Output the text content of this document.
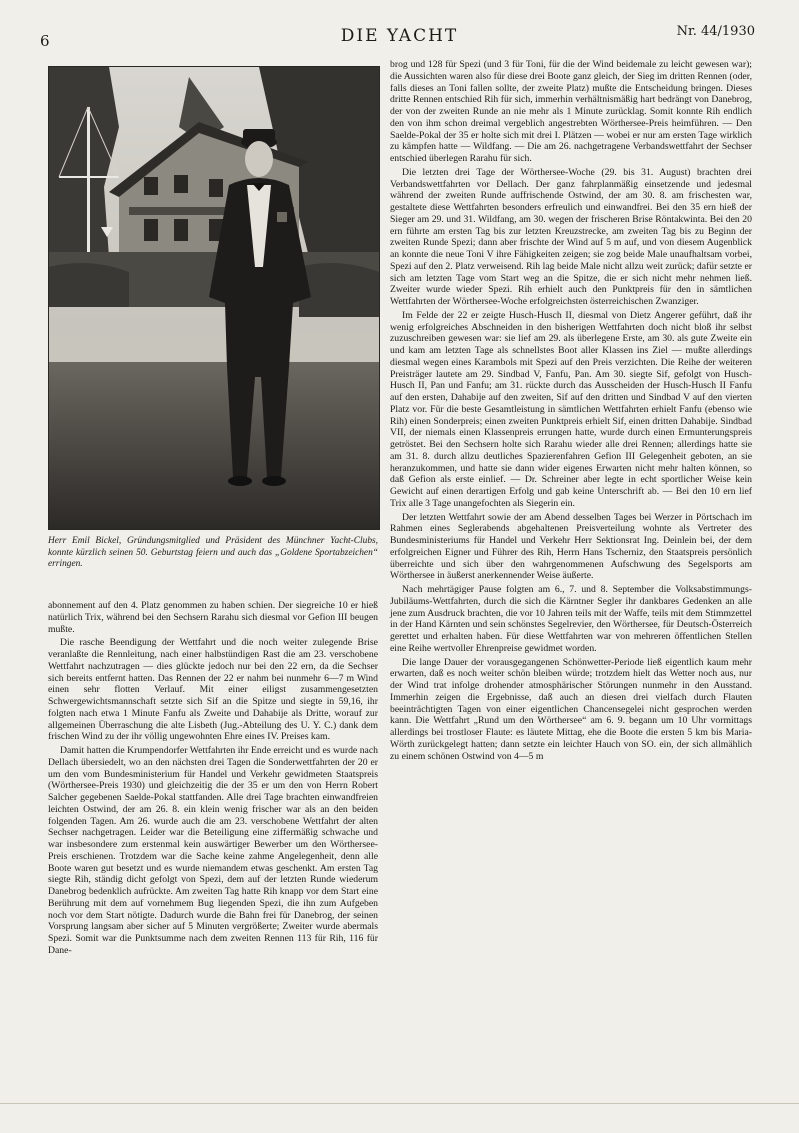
6	DIE YACHT	Nr. 44/1930
Herr Emil Bickel, Gründungsmitglied und Präsident des Münchner Yacht-Clubs, konnte kürzlich seinen 50. Geburtstag feiern und auch das „Goldene Sportabzeichen“ erringen.

abonnement auf den 4. Platz genommen zu haben schien. Der siegreiche 10 er hieß natürlich Trix, während bei den Sechsern Rarahu sich diesmal vor Gefion III beugen mußte.

Die rasche Beendigung der Wettfahrt und die noch weiter zulegende Brise veranlaßte die Rennleitung, nach einer halbstündigen Rast die am 23. verschobene Wettfahrt nachzutragen — dies glückte jedoch nur bei den 22 ern, da die Sechser sich bereits entfernt hatten. Das Rennen der 22 er nahm bei nunmehr 6—7 m Wind einen sehr flotten Verlauf. Mit einer eiligst zusammengesetzten Schwergewichtsmannschaft setzte sich Sif an die Spitze und siegte in 59,16, ihr folgten nach etwa 1 Minute Fanfu als Zweite und Dahabije als Dritte, worauf zur allgemeinen Überraschung die alte Lisbeth (Jug.-Abteilung des U. Y. C.) dank dem frischen Wind zu der ihr völlig ungewohnten Ehre eines IV. Preises kam.

Damit hatten die Krumpendorfer Wettfahrten ihr Ende erreicht und es wurde nach Dellach übersiedelt, wo an den nächsten drei Tagen die Sonderwettfahrten der 20 er um den vom Bundesministerium für Handel und Verkehr gewidmeten Staatspreis (Wörthersee-Preis 1930) und gleichzeitig die der 35 er um den von Herrn Robert Salcher gegebenen Saelde-Pokal stattfanden. Alle drei Tage brachten einwandfreien leichten Ostwind, der am 26. 8. ein klein wenig frischer war als an den beiden folgenden Tagen. Am 26. wurde auch die am 23. verschobene Wettfahrt der alten Sechser nachgetragen. Leider war die Beteiligung eine ziffermäßig schwache und war insbesondere zum erstenmal kein auswärtiger Bewerber um den Wörthersee-Preis erschienen. Trotzdem war die Sache keine zahme Angelegenheit, denn alle Boote waren gut besetzt und es wurde niemandem etwas geschenkt. Am ersten Tag siegte Rih, ständig dicht gefolgt von Spezi, dem auf der letzten Runde wiederum Danebrog bedenklich aufrückte. Am zweiten Tag hatte Rih knapp vor dem Start eine Berührung mit dem auf vornehmem Bug liegenden Spezi, die ihn zum Aufgeben noch vor dem Start nötigte. Dadurch wurde die Bahn frei für Danebrog, der seinen Vorsprung langsam aber sicher auf 5 Minuten vergrößerte; Zweiter wurde abermals Spezi. Somit war die Punktsumme nach dem zweiten Rennen 113 für Rih, 116 für Dane-

brog und 128 für Spezi (und 3 für Toni, für die der Wind beidemale zu leicht gewesen war); die Aussichten waren also für diese drei Boote ganz gleich, der Sieg im dritten Rennen (oder, falls dieses an Toni fallen sollte, der zweite Platz) mußte die Entscheidung bringen. Dieses dritte Rennen entschied Rih für sich, immerhin verhältnismäßig hart bedrängt von Danebrog, der von der zweiten Runde an nie mehr als 1 Minute zurücklag. Somit konnte Rih endlich den von ihm schon dreimal vergeblich angestrebten Wörthersee-Preis heimführen. — Den Saelde-Pokal der 35 er holte sich mit drei I. Plätzen — wobei er nur am ersten Tage wirklich zu kämpfen hatte — Wildfang. — Die am 26. nachgetragene Verbandswettfahrt der Sechser entschied überlegen Rarahu für sich.

Die letzten drei Tage der Wörthersee-Woche (29. bis 31. August) brachten drei Verbandswettfahrten vor Dellach. Der ganz fahrplanmäßig einsetzende und jedesmal während der zweiten Runde auffrischende Ostwind, der am 30. 8. am frischesten war, gestaltete diese Wettfahrten besonders erfreulich und einwandfrei. Bei den 35 ern hieß der Sieger am 29. und 31. Wildfang, am 30. wegen der frischeren Brise Röntakwinta. Bei den 20 ern führte am ersten Tag bis zur letzten Kreuzstrecke, am zweiten Tag bis zu Beginn der zweiten Runde Spezi; dann aber frischte der Wind auf 5 m auf, und von diesem Augenblick an konnte die neue Toni V ihre Fähigkeiten zeigen; sie zog beide Male unaufhaltsam vorbei, Spezi auf den 2. Platz verweisend. Rih lag beide Male nicht allzu weit zurück; dafür setzte er sich am letzten Tage vom Start weg an die Spitze, die er sich nicht mehr nehmen ließ. Zweiter wurde wieder Spezi. Rih erhielt auch den Punktpreis für den in sämtlichen Wettfahrten der Wörthersee-Woche erfolgreichsten österreichischen Zwanziger.

Im Felde der 22 er zeigte Husch-Husch II, diesmal von Dietz Angerer geführt, daß ihr wenig erfolgreiches Abschneiden in den bisherigen Wettfahrten doch nicht bloß ihr selbst zuzuschreiben gewesen war: sie lief am 29. als überlegene Erste, am 30. als gute Zweite ein und kam am letzten Tage als schnellstes Boot aller Klassen ins Ziel — mußte allerdings diesmal wegen eines Karambols mit Spezi auf den Preis verzichten. Die Reihe der weiteren Preisträger lautete am 29. Sindbad V, Fanfu, Pan. Am 30. siegte Sif, gefolgt von Husch-Husch II, Pan und Fanfu; am 31. rückte durch das Ausscheiden der Husch-Husch II Fanfu auf den ersten, Dahabije auf den zweiten, Sif auf den dritten und Sindbad V auf den vierten Platz vor. Für die beste Gesamtleistung in sämtlichen Wettfahrten erhielt Fanfu (ebenso wie Rih) einen Sonderpreis; einen zweiten Punktpreis erhielt Sif, einen dritten Dahabije. Sindbad VII, der niemals einen Klassenpreis errungen hatte, wurde durch einen Ermunterungspreis getröstet. Bei den Sechsern holte sich Rarahu wieder alle drei Rennen; allerdings hatte sie am 31. 8. durch allzu deutliches Spazierenfahren Gefion III Gelegenheit geboten, an sie heranzukommen, und hatte sie dann wider eigenes Erwarten nicht mehr halten können, so daß Gefion als erste einlief. — Dr. Schreiner aber legte in echt sportlicher Weise kein Gewicht auf einen derartigen Erfolg und gab keine Unterschrift ab. — Bei den 10 ern lief Trix alle 3 Tage unangefochten als Siegerin ein.

Der letzten Wettfahrt sowie der am Abend desselben Tages bei Werzer in Pörtschach im Rahmen eines Seglerabends abgehaltenen Preisverteilung wohnte als Vertreter des Bundesministeriums für Handel und Verkehr Herr Sektionsrat Ing. Deinlein bei, der dem erfolgreichen Eigner und Führer des Rih, Herrn Hans Tscherniz, den Staatspreis persönlich überreichte und sich über den wahrgenommenen Aufschwung des Segelsports am Wörthersee in äußerst anerkennender Weise äußerte.

Nach mehrtägiger Pause folgten am 6., 7. und 8. September die Volksabstimmungs-Jubiläums-Wettfahrten, durch die sich die Kärntner Segler ihr dankbares Gedenken an alle jene zum Ausdruck brachten, die vor 10 Jahren teils mit der Waffe, teils mit dem Stimmzettel in der Hand Kärnten und sein schönstes Segelrevier, den Wörthersee, für Deutsch-Österreich gerettet und erhalten haben. Für diese Wettfahrten war von mehreren öffentlichen Stellen eine Reihe wertvoller Ehrenpreise gewidmet worden.

Die lange Dauer der vorausgegangenen Schönwetter-Periode ließ eigentlich kaum mehr erwarten, daß es noch weiter schön bleiben würde; trotzdem hielt das Wetter noch aus, nur der Wind trat infolge drohender atmosphärischer Störungen nunmehr in den Ausstand. Immerhin zeigen die Ergebnisse, daß auch an diesen drei vielfach durch Flauten beeinträchtigten Tagen von einer eigentlichen Chancensegelei nicht gesprochen werden kann. Die Wettfahrt „Rund um den Wörthersee“ am 6. 9. begann um 10 Uhr vormittags allerdings bei trostloser Flaute: es läutete Mittag, ehe die Boote die ersten 5 km bis Maria-Wörth zurückgelegt hatten; dann setzte ein leichter Hauch von SO. ein, der sich allmählich zu einem schönen Ostwind von 4—5 m
